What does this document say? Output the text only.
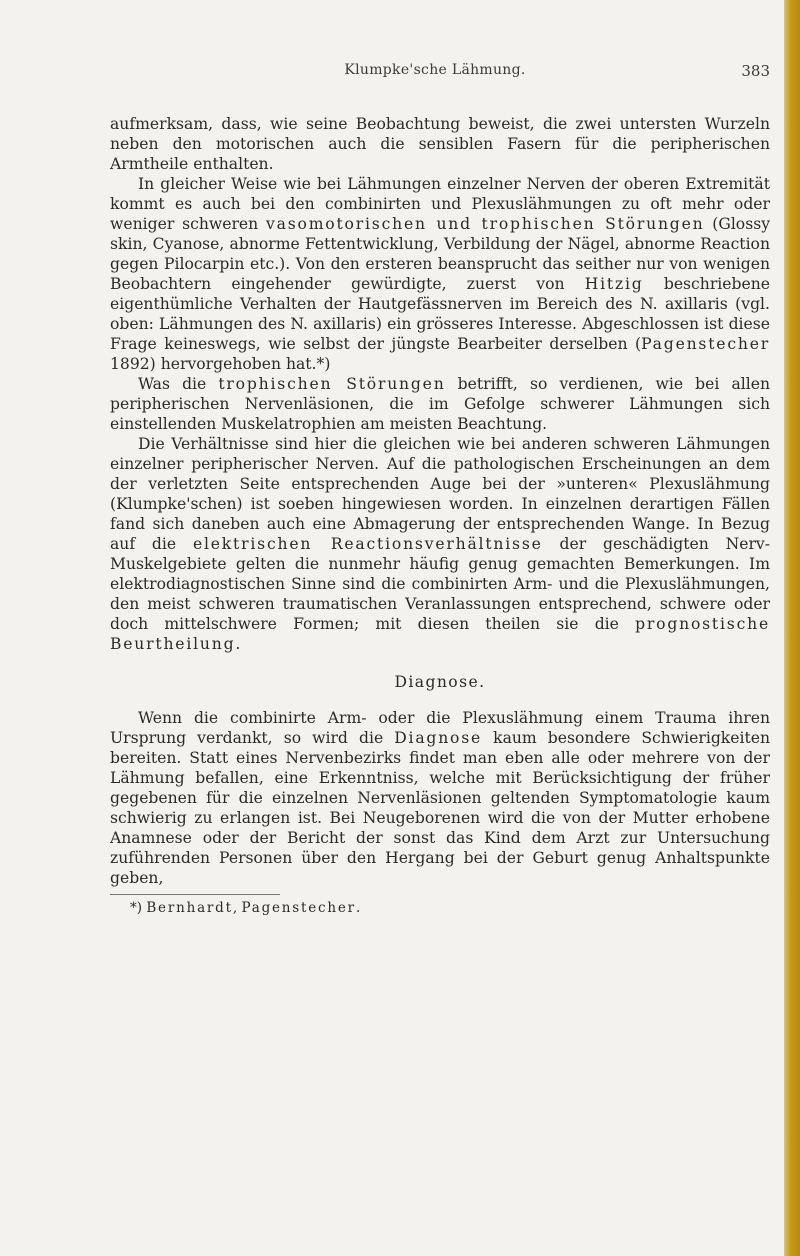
Klumpke'sche Lähmung.	383

aufmerksam, dass, wie seine Beobachtung beweist, die zwei untersten Wurzeln neben den motorischen auch die sensiblen Fasern für die peripherischen Armtheile enthalten.

In gleicher Weise wie bei Lähmungen einzelner Nerven der oberen Extremität kommt es auch bei den combinirten und Plexuslähmungen zu oft mehr oder weniger schweren vasomotorischen und trophischen Störungen (Glossy skin, Cyanose, abnorme Fettentwicklung, Verbildung der Nägel, abnorme Reaction gegen Pilocarpin etc.). Von den ersteren beansprucht das seither nur von wenigen Beobachtern eingehender gewürdigte, zuerst von Hitzig beschriebene eigenthümliche Verhalten der Hautgefässnerven im Bereich des N. axillaris (vgl. oben: Lähmungen des N. axillaris) ein grösseres Interesse. Abgeschlossen ist diese Frage keineswegs, wie selbst der jüngste Bearbeiter derselben (Pagenstecher 1892) hervorgehoben hat.*)

Was die trophischen Störungen betrifft, so verdienen, wie bei allen peripherischen Nervenläsionen, die im Gefolge schwerer Lähmungen sich einstellenden Muskelatrophien am meisten Beachtung.

Die Verhältnisse sind hier die gleichen wie bei anderen schweren Lähmungen einzelner peripherischer Nerven. Auf die pathologischen Erscheinungen an dem der verletzten Seite entsprechenden Auge bei der »unteren« Plexuslähmung (Klumpke'schen) ist soeben hingewiesen worden. In einzelnen derartigen Fällen fand sich daneben auch eine Abmagerung der entsprechenden Wange. In Bezug auf die elektrischen Reactionsverhältnisse der geschädigten Nerv-Muskelgebiete gelten die nunmehr häufig genug gemachten Bemerkungen. Im elektrodiagnostischen Sinne sind die combinirten Arm- und die Plexuslähmungen, den meist schweren traumatischen Veranlassungen entsprechend, schwere oder doch mittelschwere Formen; mit diesen theilen sie die prognostische Beurtheilung.

Diagnose.

Wenn die combinirte Arm- oder die Plexuslähmung einem Trauma ihren Ursprung verdankt, so wird die Diagnose kaum besondere Schwierigkeiten bereiten. Statt eines Nervenbezirks findet man eben alle oder mehrere von der Lähmung befallen, eine Erkenntniss, welche mit Berücksichtigung der früher gegebenen für die einzelnen Nervenläsionen geltenden Symptomatologie kaum schwierig zu erlangen ist. Bei Neugeborenen wird die von der Mutter erhobene Anamnese oder der Bericht der sonst das Kind dem Arzt zur Untersuchung zuführenden Personen über den Hergang bei der Geburt genug Anhaltspunkte geben,

*) Bernhardt, Pagenstecher.
